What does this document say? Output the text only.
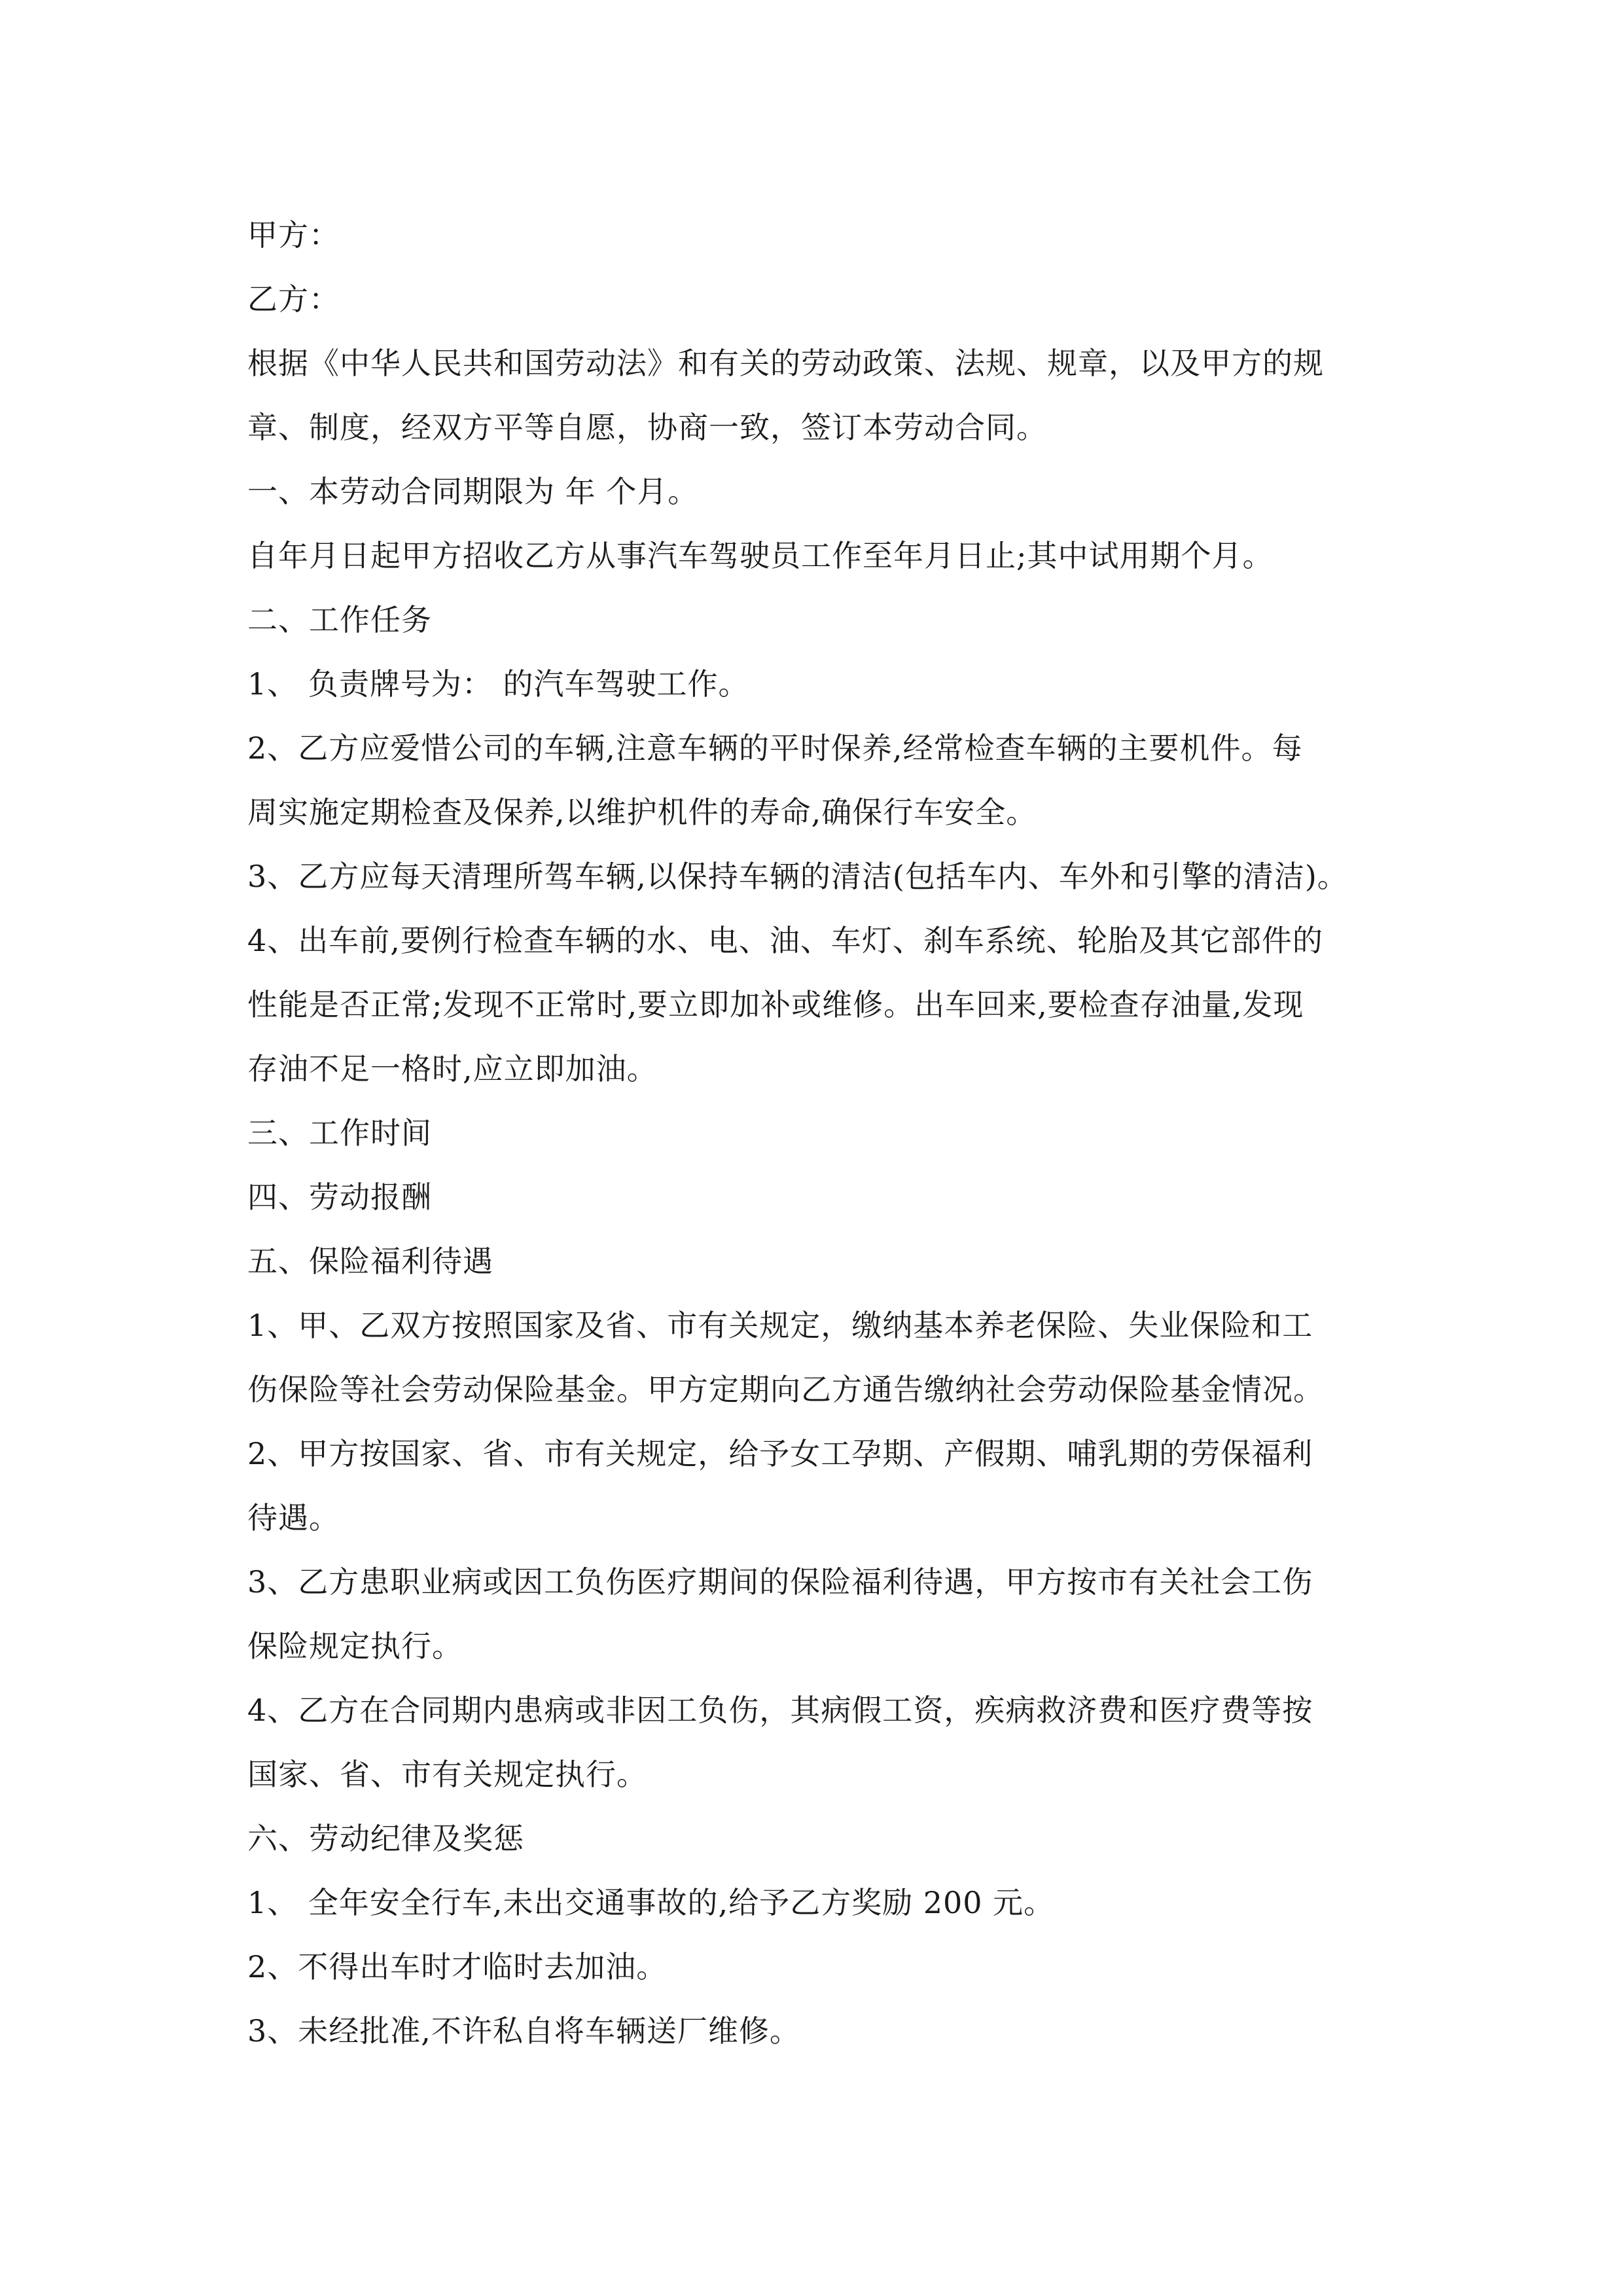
甲方：
乙方：
根据《中华人民共和国劳动法》和有关的劳动政策、法规、规章，以及甲方的规
章、制度，经双方平等自愿，协商一致，签订本劳动合同。
一、本劳动合同期限为 年 个月。
自年月日起甲方招收乙方从事汽车驾驶员工作至年月日止;其中试用期个月。
二、工作任务
1、 负责牌号为： 的汽车驾驶工作。
2、乙方应爱惜公司的车辆,注意车辆的平时保养,经常检查车辆的主要机件。每
周实施定期检查及保养,以维护机件的寿命,确保行车安全。
3、乙方应每天清理所驾车辆,以保持车辆的清洁(包括车内、车外和引擎的清洁)。
4、出车前,要例行检查车辆的水、电、油、车灯、刹车系统、轮胎及其它部件的
性能是否正常;发现不正常时,要立即加补或维修。出车回来,要检查存油量,发现
存油不足一格时,应立即加油。
三、工作时间
四、劳动报酬
五、保险福利待遇
1、甲、乙双方按照国家及省、市有关规定，缴纳基本养老保险、失业保险和工
伤保险等社会劳动保险基金。甲方定期向乙方通告缴纳社会劳动保险基金情况。
2、甲方按国家、省、市有关规定，给予女工孕期、产假期、哺乳期的劳保福利
待遇。
3、乙方患职业病或因工负伤医疗期间的保险福利待遇，甲方按市有关社会工伤
保险规定执行。
4、乙方在合同期内患病或非因工负伤，其病假工资，疾病救济费和医疗费等按
国家、省、市有关规定执行。
六、劳动纪律及奖惩
1、 全年安全行车,未出交通事故的,给予乙方奖励 200 元。
2、不得出车时才临时去加油。
3、未经批准,不许私自将车辆送厂维修。
